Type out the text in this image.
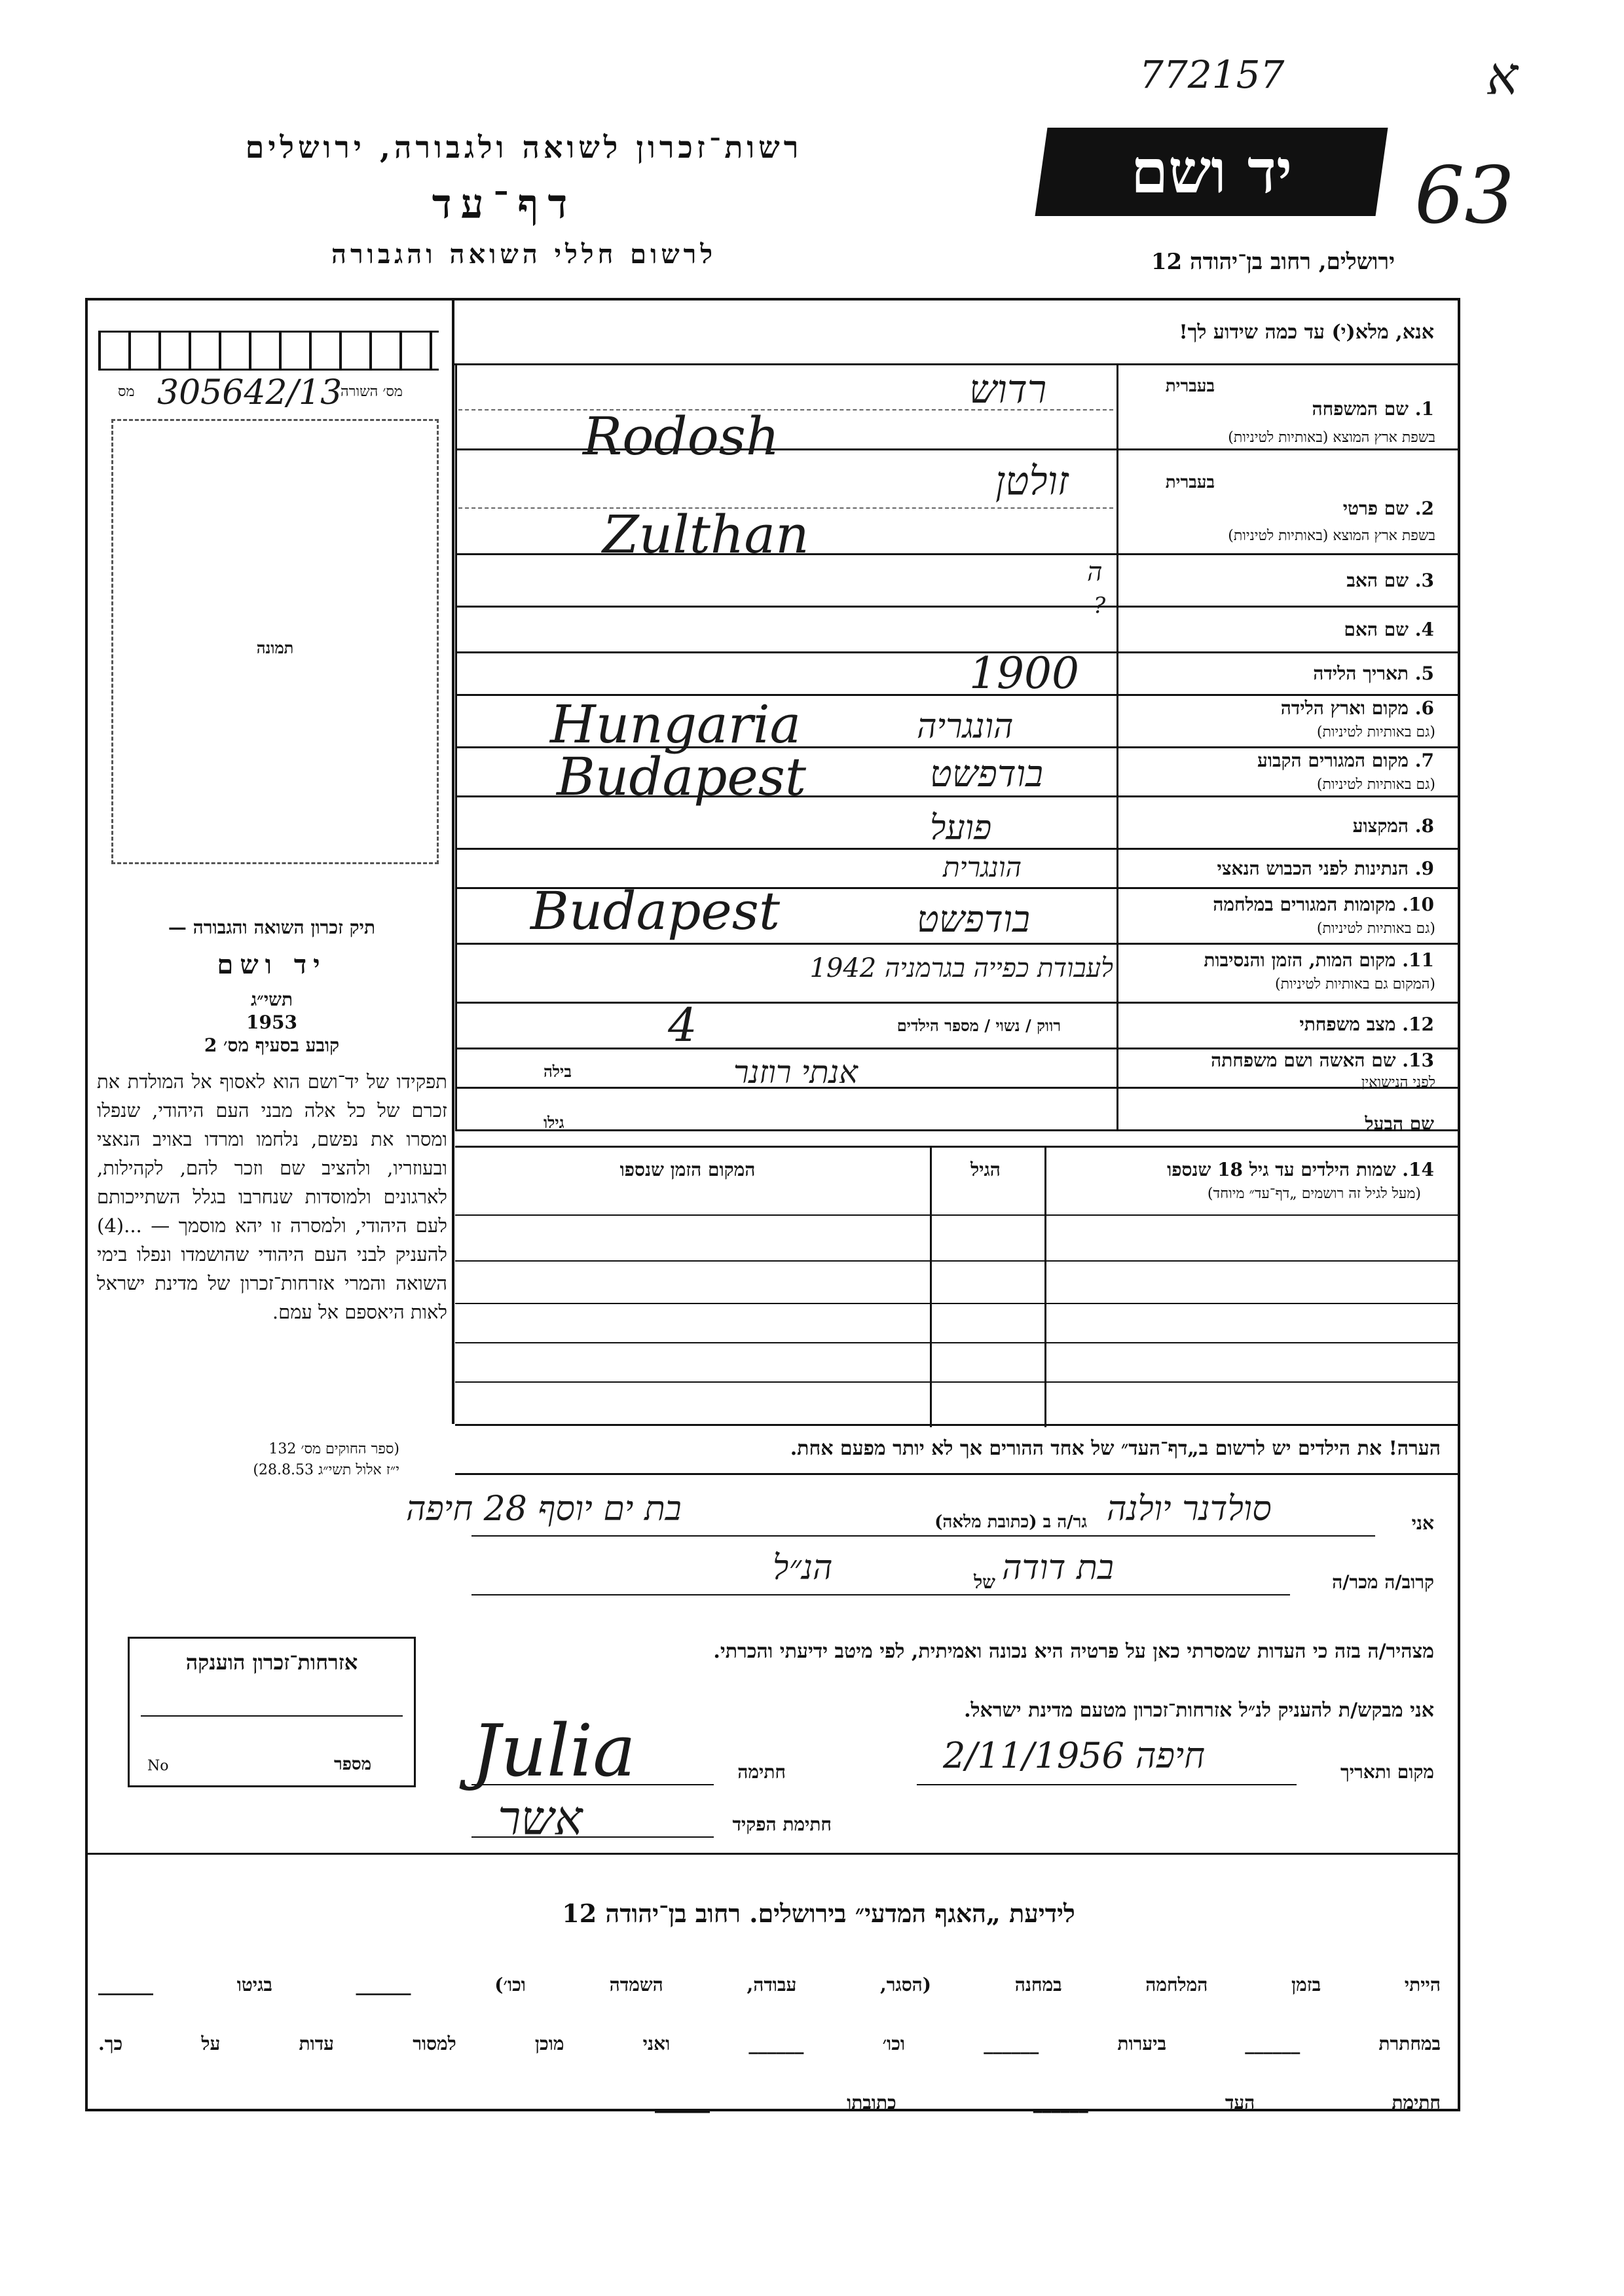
772157	א
63
רשות־זכרון לשואה ולגבורה, ירושלים
דף־עד
לרשום חללי השואה והגבורה
יד ושם
ירושלים, רחוב בן־יהודה 12
מס׳ השורה
305642/13
מס
תמונה
תיק זכרון השואה והגבורה —
יד ושם
תשי״ג
1953
קובע בסעיף מס׳ 2
תפקידו של יד־ושם הוא לאסוף אל המולדת את זכרם של כל אלה מבני העם היהודי, שנפלו ומסרו את נפשם, נלחמו ומרדו באויב הנאצי ובעוזריו, ולהציב שם וזכר להם, לקהילות, לארגונים ולמוסדות שנחרבו בגלל השתייכותם לעם היהודי, ולמסרה זו יהא מוסמך — ...(4) להעניק לבני העם היהודי שהושמדו ונפלו בימי השואה והמרי אזרחות־זכרון של מדינת ישראל לאות היאספם אל עמם.
(ספר החוקים מס׳ 132
י״ז אלול תשי״ג 28.8.53)
אזרחות־זכרון הוענקה
No	מספר
אנא, מלא(י) עד כמה שידוע לך!
1. שם המשפחה
בשפת ארץ המוצא (באותיות לטיניות)
בעברית
רדוש
Rodosh
2. שם פרטי
בשפת ארץ המוצא (באותיות לטיניות)
בעברית
זולטן
Zulthan
3. שם האב
ה
4. שם האם
?
5. תאריך הלידה
1900
6. מקום וארץ הלידה
(גם באותיות לטיניות)
הונגריה
Hungaria
7. מקום המגורים הקבוע
(גם באותיות לטיניות)
בודפשט
Budapest
8. המקצוע
פועל
9. הנתינות לפני הכבוש הנאצי
הונגרית
10. מקומות המגורים במלחמה
(גם באותיות לטיניות)
בודפשט
Budapest
11. מקום המות, הזמן והנסיבות
(המקום גם באותיות לטיניות)
לעבודת כפייה בגרמניה 1942
12. מצב משפחתי
רווק / נשוי / מספר הילדים
4
13. שם האשה ושם משפחתה
לפני הנישואין
אנתי רוזנר
בילה
שם הבעל
גילו
14. שמות הילדים עד גיל 18 שנספו
(מעל לגיל זה רושמים „דף־עד״ מיוחד)
הגיל
המקום הזמן שנספו
הערה! את הילדים יש לרשום ב„דף־העד״ של אחד ההורים אך לא יותר מפעם אחת.
אני
סולדנר יולנה
גר/ה ב (כתובת מלאה)
בת ים יוסף 28 חיפה
קרוב/ה מכר/ה
בת דודה
של
הנ״ל
מצהיר/ה בזה כי העדות שמסרתי כאן על פרטיה היא נכונה ואמיתית, לפי מיטב ידיעתי והכרתי.
אני מבקש/ת להעניק לנ״ל אזרחות־זכרון מטעם מדינת ישראל.
מקום ותאריך
חיפה 2/11/1956
חתימה
Julia
חתימת הפקיד
אשר
לידיעת „האגף המדעי״ בירושלים. רחוב בן־יהודה 12
הייתי בזמן המלחמה במחנה (הסגר, עבודה, השמדה וכו׳) ______ בגיטו ______
במחתרת ______ ביערות ______ וכו׳ ______ ואני מוכן למסור עדות על כך.
חתימת העד ______ כתובתו ______
